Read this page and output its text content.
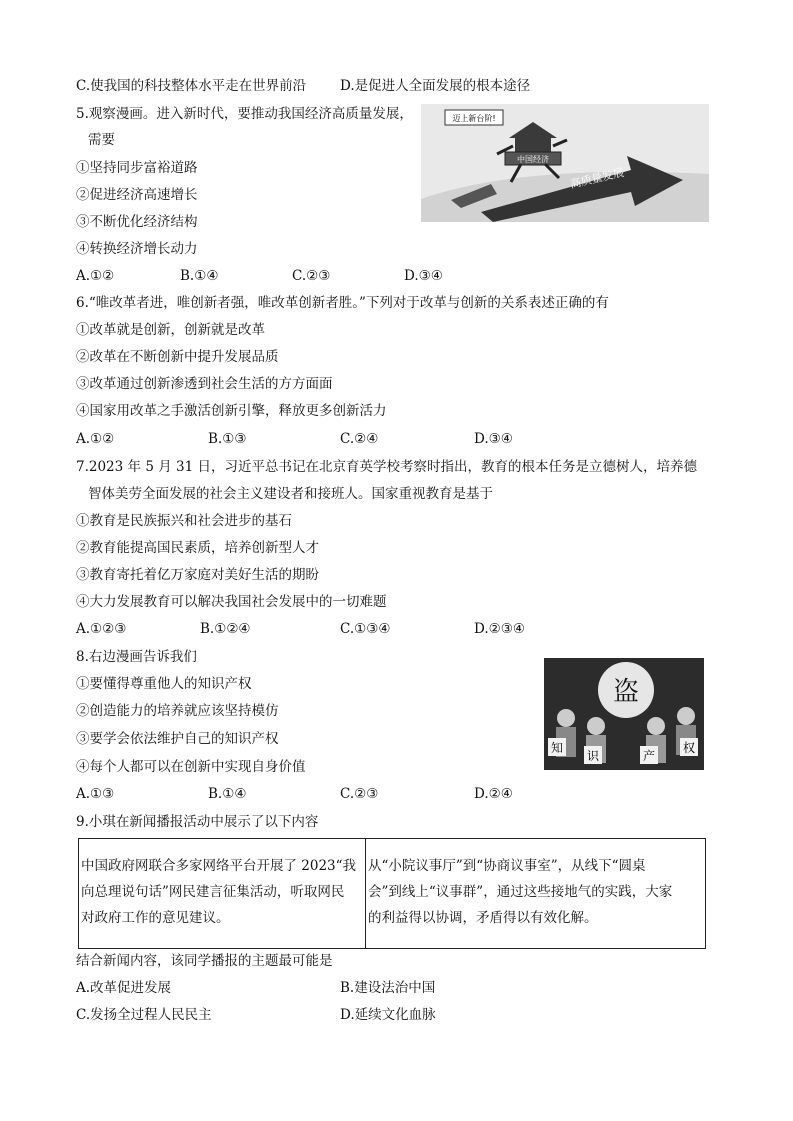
C.使我国的科技整体水平走在世界前沿	D.是促进人全面发展的根本途径
5.观察漫画。进入新时代，要推动我国经济高质量发展，
需要
①坚持同步富裕道路
②促进经济高速增长
③不断优化经济结构
④转换经济增长动力
A.①②	B.①④	C.②③	D.③④
高质量发展
中国经济
迈上新台阶!
6.“唯改革者进，唯创新者强，唯改革创新者胜。”下列对于改革与创新的关系表述正确的有
①改革就是创新，创新就是改革
②改革在不断创新中提升发展品质
③改革通过创新渗透到社会生活的方方面面
④国家用改革之手激活创新引擎，释放更多创新活力
A.①②	B.①③	C.②④	D.③④
7.2023 年 5 月 31 日，习近平总书记在北京育英学校考察时指出，教育的根本任务是立德树人，培养德
智体美劳全面发展的社会主义建设者和接班人。国家重视教育是基于
①教育是民族振兴和社会进步的基石
②教育能提高国民素质，培养创新型人才
③教育寄托着亿万家庭对美好生活的期盼
④大力发展教育可以解决我国社会发展中的一切难题
A.①②③	B.①②④	C.①③④	D.②③④
8.右边漫画告诉我们
①要懂得尊重他人的知识产权
②创造能力的培养就应该坚持模仿
③要学会依法维护自己的知识产权
④每个人都可以在创新中实现自身价值
A.①③	B.①④	C.②③	D.②④
盗
知
识	产
权
9.小琪在新闻播报活动中展示了以下内容
中国政府网联合多家网络平台开展了 2023“我
向总理说句话”网民建言征集活动，听取网民
对政府工作的意见建议。

从“小院议事厅”到“协商议事室”，从线下“圆桌
会”到线上“议事群”，通过这些接地气的实践，大家
的利益得以协调，矛盾得以有效化解。
结合新闻内容，该同学播报的主题最可能是
A.改革促进发展	B.建设法治中国
C.发扬全过程人民民主	D.延续文化血脉
